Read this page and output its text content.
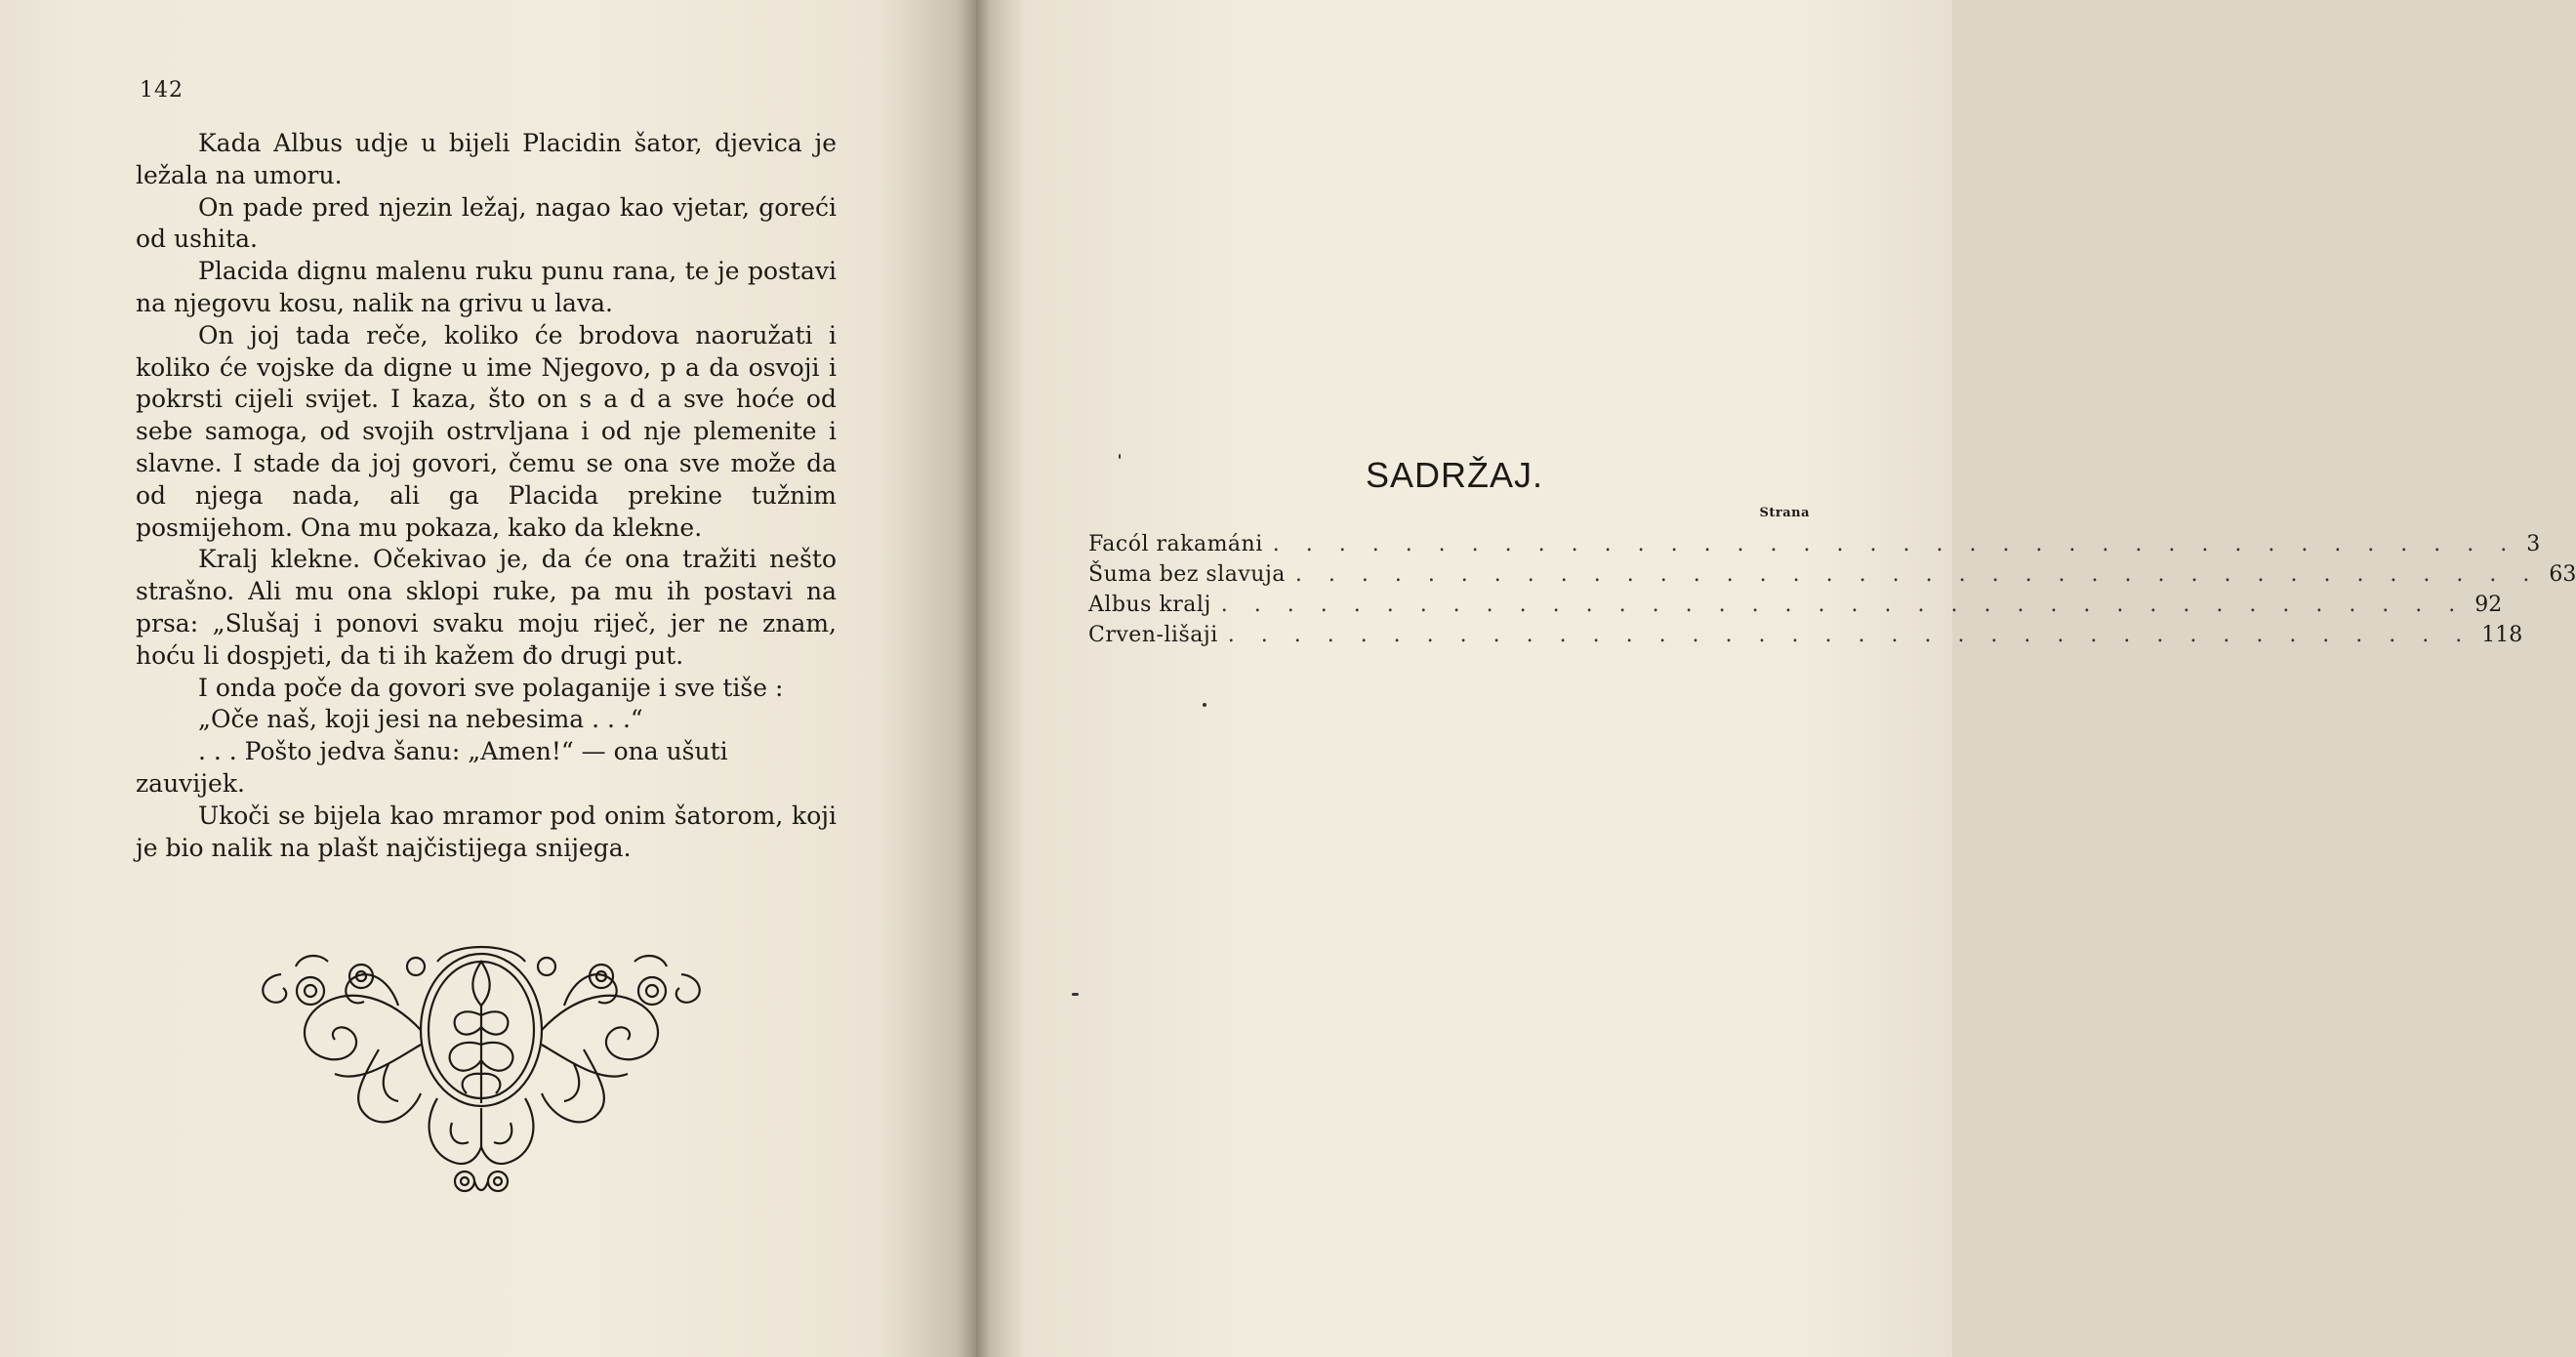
142

Kada Albus udje u bijeli Placidin šator, djevica je ležala na umoru.

On pade pred njezin ležaj, nagao kao vjetar, goreći od ushita.

Placida dignu malenu ruku punu rana, te je postavi na njegovu kosu, nalik na grivu u lava.

On joj tada reče, koliko će brodova naoružati i koliko će vojske da digne u ime Njegovo, p a da osvoji i pokrsti cijeli svijet. I kaza, što on s a d a sve hoće od sebe samoga, od svojih ostrvljana i od nje plemenite i slavne. I stade da joj govori, čemu se ona sve može da od njega nada, ali ga Placida prekine tužnim posmijehom. Ona mu pokaza, kako da klekne.

Kralj klekne. Očekivao je, da će ona tražiti nešto strašno. Ali mu ona sklopi ruke, pa mu ih postavi na prsa: „Slušaj i ponovi svaku moju riječ, jer ne znam, hoću li dospjeti, da ti ih kažem đo drugi put.

I onda poče da govori sve polaganije i sve tiše :

„Oče naš, koji jesi na nebesima . . .“

. . . Pošto jedva šanu: „Amen!“ — ona ušuti

zauvijek.

Ukoči se bijela kao mramor pod onim šatorom, koji je bio nalik na plašt najčistijega snijega.

SADRŽAJ.
Strana
Facól rakamáni . . . . . . . . . . . . . . . . . . . . . . . . . . . . . . . . . . . . . . 3
Šuma bez slavuja . . . . . . . . . . . . . . . . . . . . . . . . . . . . . . . . . . . . . . 63
Albus kralj . . . . . . . . . . . . . . . . . . . . . . . . . . . . . . . . . . . . . . 92
Crven-lišaji . . . . . . . . . . . . . . . . . . . . . . . . . . . . . . . . . . . . . . 118
